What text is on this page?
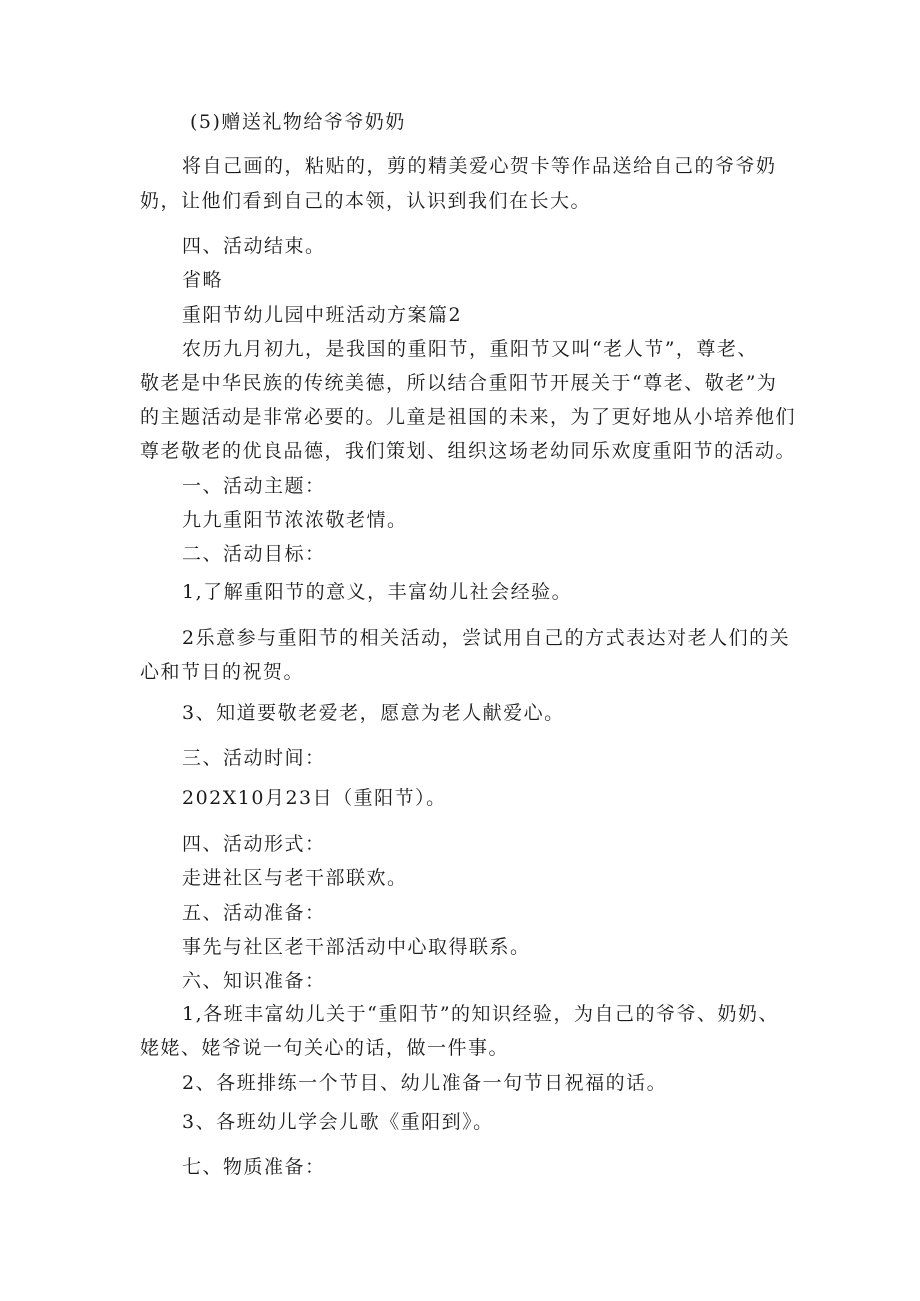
(5)赠送礼物给爷爷奶奶
将自己画的，粘贴的，剪的精美爱心贺卡等作品送给自己的爷爷奶
奶，让他们看到自己的本领，认识到我们在长大。
四、活动结束。
省略
重阳节幼儿园中班活动方案篇2
农历九月初九，是我国的重阳节，重阳节又叫“老人节”，尊老、
敬老是中华民族的传统美德，所以结合重阳节开展关于“尊老、敬老”为
的主题活动是非常必要的。儿童是祖国的未来，为了更好地从小培养他们
尊老敬老的优良品德，我们策划、组织这场老幼同乐欢度重阳节的活动。
一、活动主题：
九九重阳节浓浓敬老情。
二、活动目标：
1,了解重阳节的意义，丰富幼儿社会经验。
2乐意参与重阳节的相关活动，尝试用自己的方式表达对老人们的关
心和节日的祝贺。
3、知道要敬老爱老，愿意为老人献爱心。
三、活动时间：
202X10月23日（重阳节）。
四、活动形式：
走进社区与老干部联欢。
五、活动准备：
事先与社区老干部活动中心取得联系。
六、知识准备：
1,各班丰富幼儿关于“重阳节”的知识经验，为自己的爷爷、奶奶、
姥姥、姥爷说一句关心的话，做一件事。
2、各班排练一个节目、幼儿准备一句节日祝福的话。
3、各班幼儿学会儿歌《重阳到》。
七、物质准备：
